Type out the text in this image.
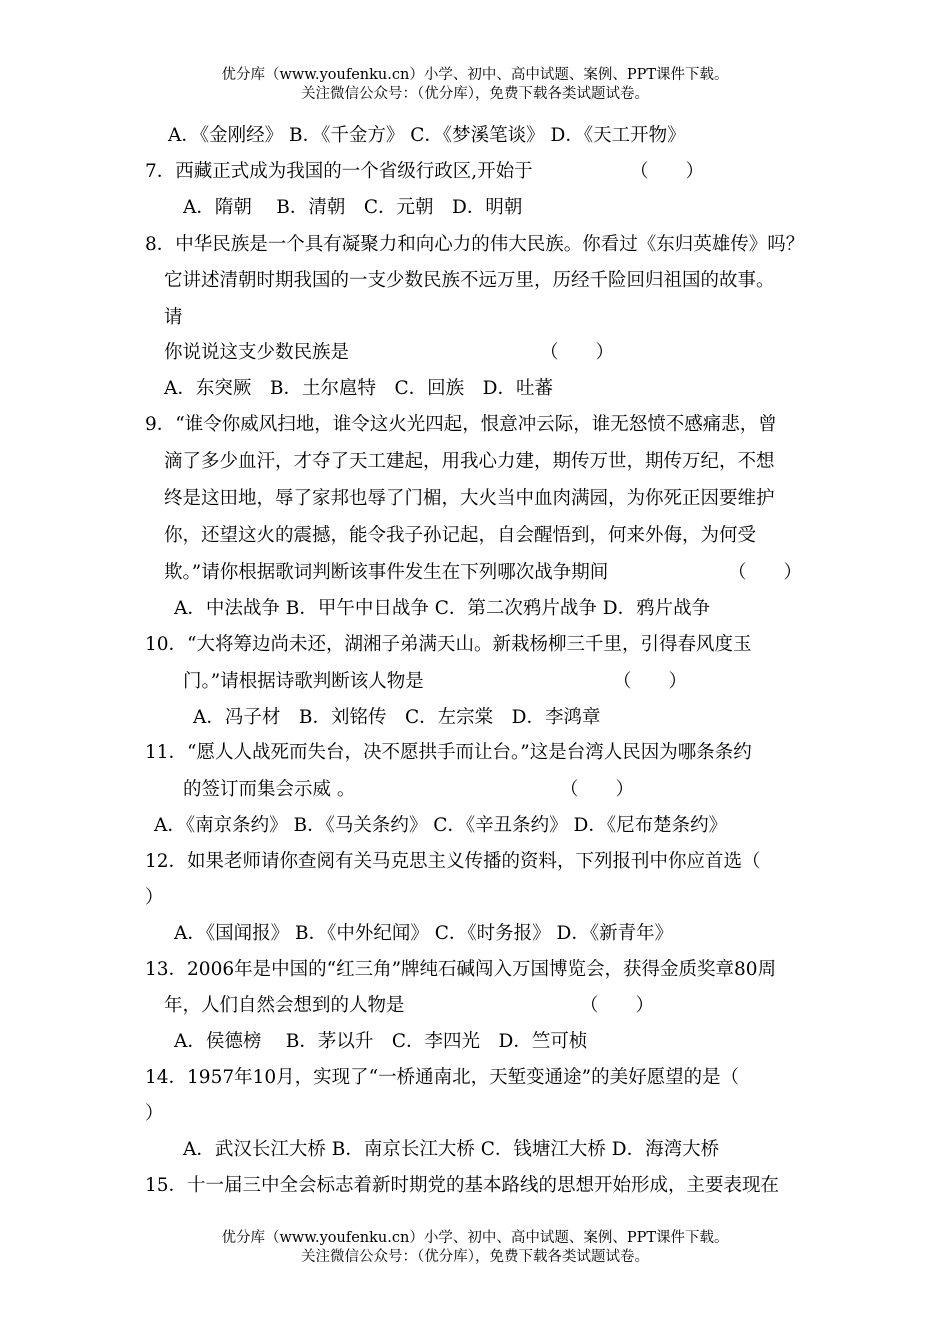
优分库（www.youfenku.cn）小学、初中、高中试题、案例、PPT课件下载。
关注微信公众号：（优分库），免费下载各类试题试卷。
A．《金刚经》 B．《千金方》 C．《梦溪笔谈》 D．《天工开物》
7．西藏正式成为我国的一个省级行政区,开始于	（　　）
A．隋朝　 B．清朝　C．元朝　D．明朝
8．中华民族是一个具有凝聚力和向心力的伟大民族。你看过《东归英雄传》吗？
它讲述清朝时期我国的一支少数民族不远万里，历经千险回归祖国的故事。
请
你说说这支少数民族是	（　　）
A．东突厥　B．土尔扈特　C．回族　D．吐蕃
9．“谁令你威风扫地，谁令这火光四起，恨意冲云际，谁无怒愤不感痛悲，曾
滴了多少血汗，才夺了天工建起，用我心力建，期传万世，期传万纪，不想
终是这田地，辱了家邦也辱了门楣，大火当中血肉满园，为你死正因要维护
你，还望这火的震撼，能令我子孙记起，自会醒悟到，何来外侮，为何受
欺。”请你根据歌词判断该事件发生在下列哪次战争期间	（　　）
A．中法战争 B．甲午中日战争 C．第二次鸦片战争 D．鸦片战争
10．“大将筹边尚未还，湖湘子弟满天山。新栽杨柳三千里，引得春风度玉
门。”请根据诗歌判断该人物是	（　　）
A．冯子材　B．刘铭传　C．左宗棠　D．李鸿章
11．“愿人人战死而失台，决不愿拱手而让台。”这是台湾人民因为哪条条约
的签订而集会示威 。	（　　）
A．《南京条约》 B．《马关条约》 C．《辛丑条约》 D．《尼布楚条约》
12．如果老师请你查阅有关马克思主义传播的资料，下列报刊中你应首选（
）
A．《国闻报》 B．《中外纪闻》 C．《时务报》 D．《新青年》
13．2006年是中国的“红三角”牌纯石碱闯入万国博览会，获得金质奖章80周
年，人们自然会想到的人物是	（　　）
A．侯德榜　 B．茅以升　C．李四光　D．竺可桢
14．1957年10月，实现了“一桥通南北，天堑变通途”的美好愿望的是（
）
A．武汉长江大桥 B．南京长江大桥 C．钱塘江大桥 D．海湾大桥
15．十一届三中全会标志着新时期党的基本路线的思想开始形成，主要表现在
优分库（www.youfenku.cn）小学、初中、高中试题、案例、PPT课件下载。
关注微信公众号：（优分库），免费下载各类试题试卷。
